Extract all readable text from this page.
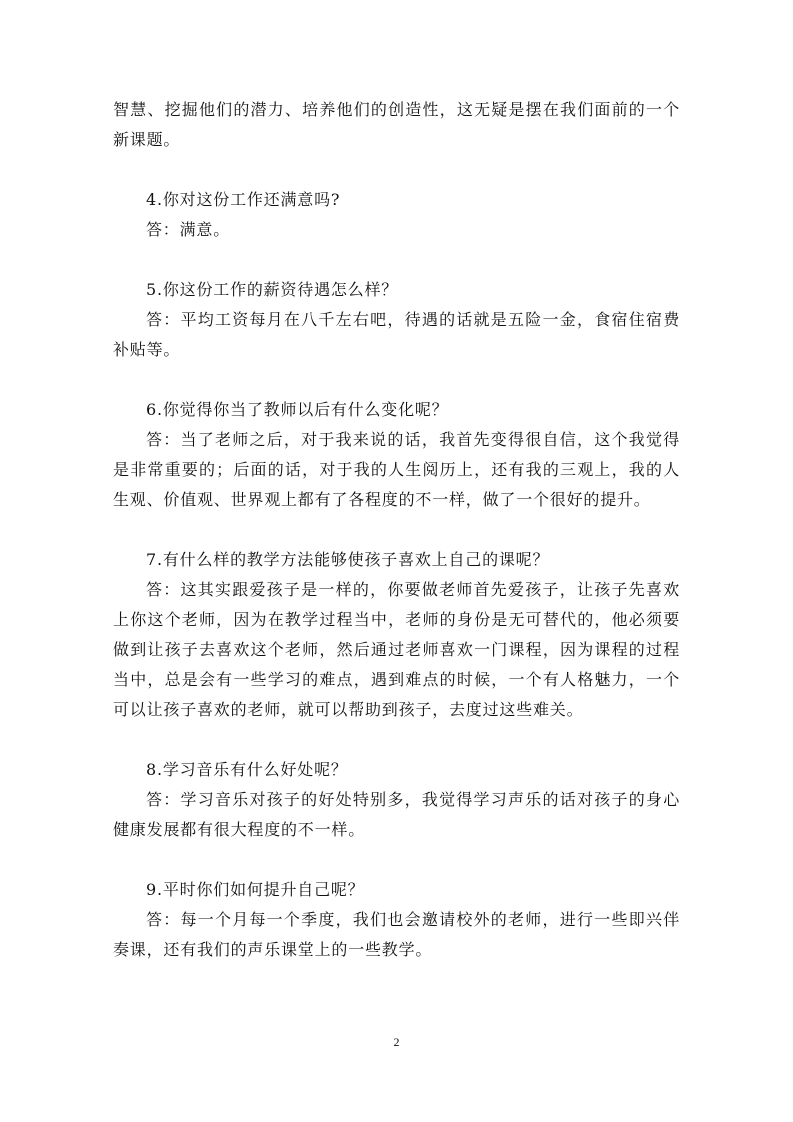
智慧、挖掘他们的潜力、培养他们的创造性，这无疑是摆在我们面前的一个新课题。

4.你对这份工作还满意吗?

答：满意。

5.你这份工作的薪资待遇怎么样？

答：平均工资每月在八千左右吧，待遇的话就是五险一金，食宿住宿费补贴等。

6.你觉得你当了教师以后有什么变化呢？

答：当了老师之后，对于我来说的话，我首先变得很自信，这个我觉得是非常重要的；后面的话，对于我的人生阅历上，还有我的三观上，我的人生观、价值观、世界观上都有了各程度的不一样，做了一个很好的提升。

7.有什么样的教学方法能够使孩子喜欢上自己的课呢？

答：这其实跟爱孩子是一样的，你要做老师首先爱孩子，让孩子先喜欢上你这个老师，因为在教学过程当中，老师的身份是无可替代的，他必须要做到让孩子去喜欢这个老师，然后通过老师喜欢一门课程，因为课程的过程当中，总是会有一些学习的难点，遇到难点的时候，一个有人格魅力，一个可以让孩子喜欢的老师，就可以帮助到孩子，去度过这些难关。

8.学习音乐有什么好处呢？

答：学习音乐对孩子的好处特别多，我觉得学习声乐的话对孩子的身心健康发展都有很大程度的不一样。

9.平时你们如何提升自己呢？

答：每一个月每一个季度，我们也会邀请校外的老师，进行一些即兴伴奏课，还有我们的声乐课堂上的一些教学。

2
